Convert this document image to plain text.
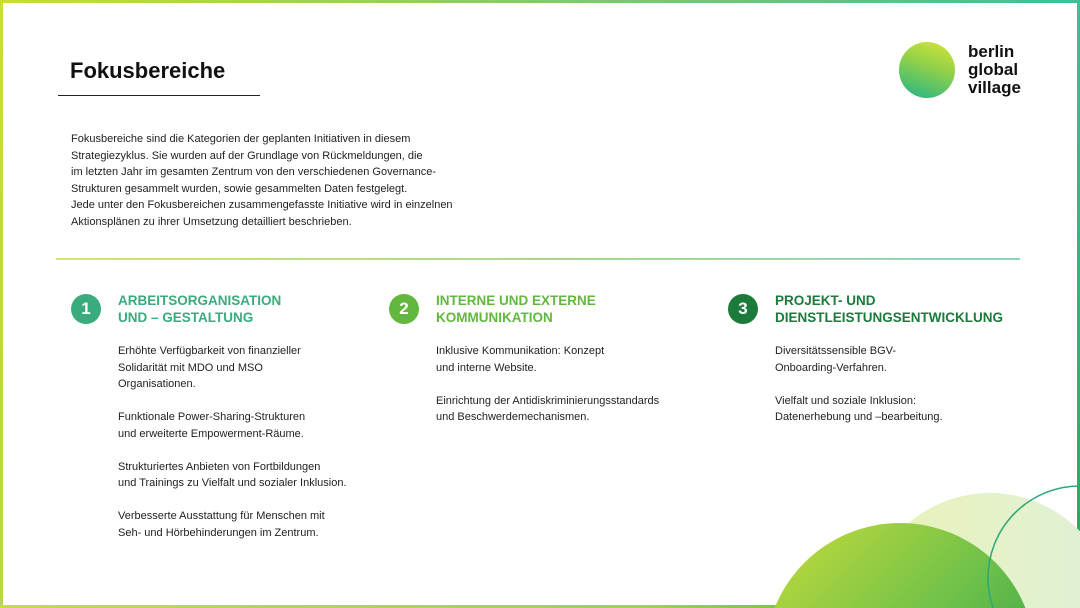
Fokusbereiche
berlin
global
village
Fokusbereiche sind die Kategorien der geplanten Initiativen in diesem
Strategiezyklus. Sie wurden auf der Grundlage von Rückmeldungen, die
im letzten Jahr im gesamten Zentrum von den verschiedenen Governance-
Strukturen gesammelt wurden, sowie gesammelten Daten festgelegt.
Jede unter den Fokusbereichen zusammengefasste Initiative wird in einzelnen
Aktionsplänen zu ihrer Umsetzung detailliert beschrieben.
1	ARBEITSORGANISATION
UND – GESTALTUNG
Erhöhte Verfügbarkeit von finanzieller
Solidarität mit MDO und MSO
Organisationen.
Funktionale Power-Sharing-Strukturen
und erweiterte Empowerment-Räume.
Strukturiertes Anbieten von Fortbildungen
und Trainings zu Vielfalt und sozialer Inklusion.
Verbesserte Ausstattung für Menschen mit
Seh- und Hörbehinderungen im Zentrum.
2	INTERNE UND EXTERNE
KOMMUNIKATION
Inklusive Kommunikation: Konzept
und interne Website.
Einrichtung der Antidiskriminierungsstandards
und Beschwerdemechanismen.
3	PROJEKT- UND
DIENSTLEISTUNGSENTWICKLUNG
Diversitätssensible BGV-
Onboarding-Verfahren.
Vielfalt und soziale Inklusion:
Datenerhebung und –bearbeitung.
